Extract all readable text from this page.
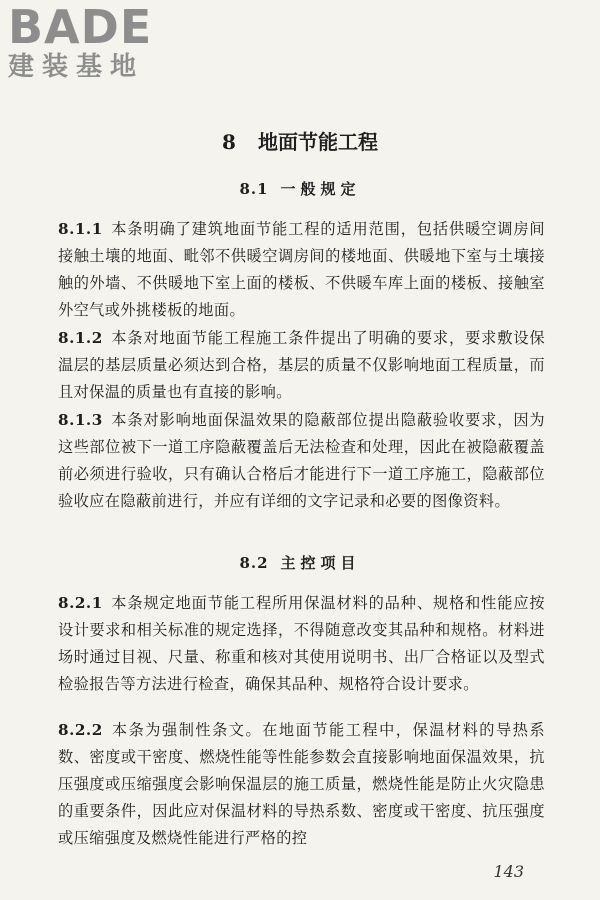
BADE
建装基地
8 地面节能工程
8.1 一般规定
8.1.1 本条明确了建筑地面节能工程的适用范围，包括供暖空调房间接触土壤的地面、毗邻不供暖空调房间的楼地面、供暖地下室与土壤接触的外墙、不供暖地下室上面的楼板、不供暖车库上面的楼板、接触室外空气或外挑楼板的地面。
8.1.2 本条对地面节能工程施工条件提出了明确的要求，要求敷设保温层的基层质量必须达到合格，基层的质量不仅影响地面工程质量，而且对保温的质量也有直接的影响。
8.1.3 本条对影响地面保温效果的隐蔽部位提出隐蔽验收要求，因为这些部位被下一道工序隐蔽覆盖后无法检查和处理，因此在被隐蔽覆盖前必须进行验收，只有确认合格后才能进行下一道工序施工，隐蔽部位验收应在隐蔽前进行，并应有详细的文字记录和必要的图像资料。
8.2 主控项目
8.2.1 本条规定地面节能工程所用保温材料的品种、规格和性能应按设计要求和相关标准的规定选择，不得随意改变其品种和规格。材料进场时通过目视、尺量、称重和核对其使用说明书、出厂合格证以及型式检验报告等方法进行检查，确保其品种、规格符合设计要求。
8.2.2 本条为强制性条文。在地面节能工程中，保温材料的导热系数、密度或干密度、燃烧性能等性能参数会直接影响地面保温效果，抗压强度或压缩强度会影响保温层的施工质量，燃烧性能是防止火灾隐患的重要条件，因此应对保温材料的导热系数、密度或干密度、抗压强度或压缩强度及燃烧性能进行严格的控
143
